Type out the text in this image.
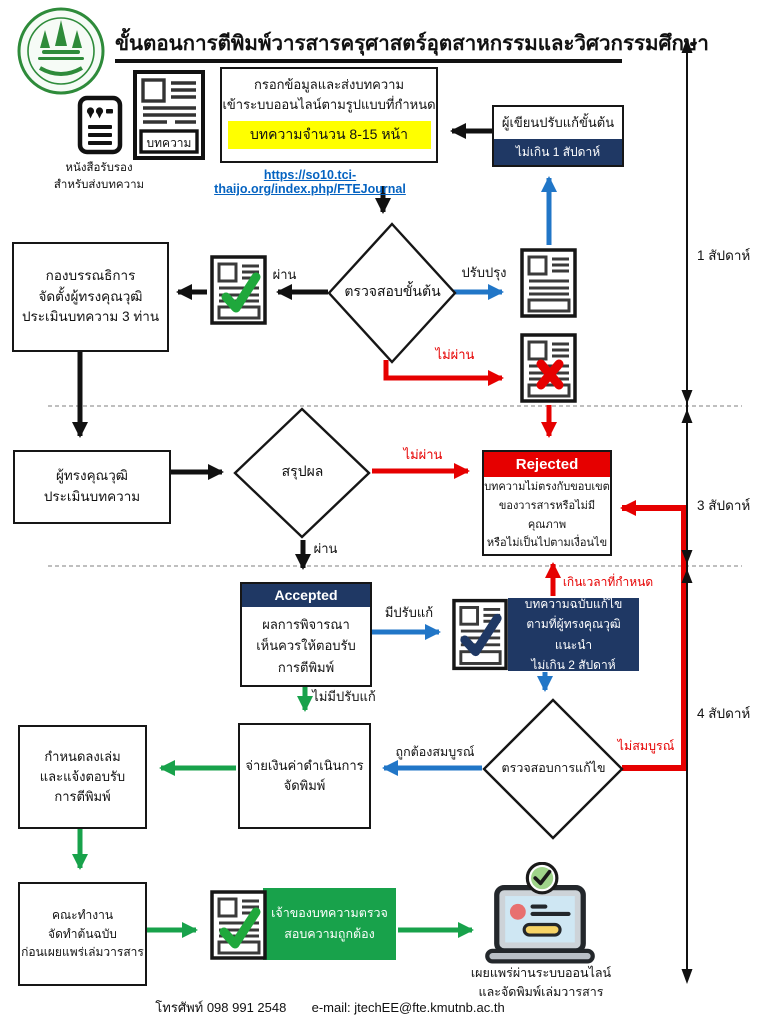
ขั้นตอนการตีพิมพ์วารสารครุศาสตร์อุตสาหกรรมและวิศวกรรมศึกษา
หนังสือรับรอง
สำหรับส่งบทความ
บทความ
กรอกข้อมูลและส่งบทความ
เข้าระบบออนไลน์ตามรูปแบบที่กำหนด
บทความจำนวน 8-15 หน้า
https://so10.tci-thaijo.org/index.php/FTEJournal
ผู้เขียนปรับแก้ขั้นต้น
ไม่เกิน 1 สัปดาห์
ตรวจสอบขั้นต้น
สรุปผล
ตรวจสอบการแก้ไข
ผ่าน	ปรับปรุง
ไม่ผ่าน
ไม่ผ่าน
ผ่าน
มีปรับแก้
ไม่มีปรับแก้
เกินเวลาที่กำหนด
ถูกต้องสมบูรณ์	ไม่สมบูรณ์
กองบรรณธิการ
จัดตั้งผู้ทรงคุณวุฒิ
ประเมินบทความ 3 ท่าน
ผู้ทรงคุณวุฒิ
ประเมินบทความ
Rejected
บทความไม่ตรงกับขอบเขต
ของวารสารหรือไม่มีคุณภาพ
หรือไม่เป็นไปตามเงื่อนไข
Accepted
ผลการพิจารณา
เห็นควรให้ตอบรับ
การตีพิมพ์
บทความฉบับแก้ไข
ตามที่ผู้ทรงคุณวุฒิแนะนำ
ไม่เกิน 2 สัปดาห์
จ่ายเงินค่าดำเนินการ
จัดพิมพ์
กำหนดลงเล่ม
และแจ้งตอบรับ
การตีพิมพ์
คณะทำงาน
จัดทำต้นฉบับ
ก่อนเผยแพร่เล่มวารสาร
เจ้าของบทความตรวจ
สอบความถูกต้อง
เผยแพร่ผ่านระบบออนไลน์
และจัดพิมพ์เล่มวารสาร
1 สัปดาห์
3 สัปดาห์
4 สัปดาห์
โทรศัพท์ 098 991 2548 e-mail: jtechEE@fte.kmutnb.ac.th
